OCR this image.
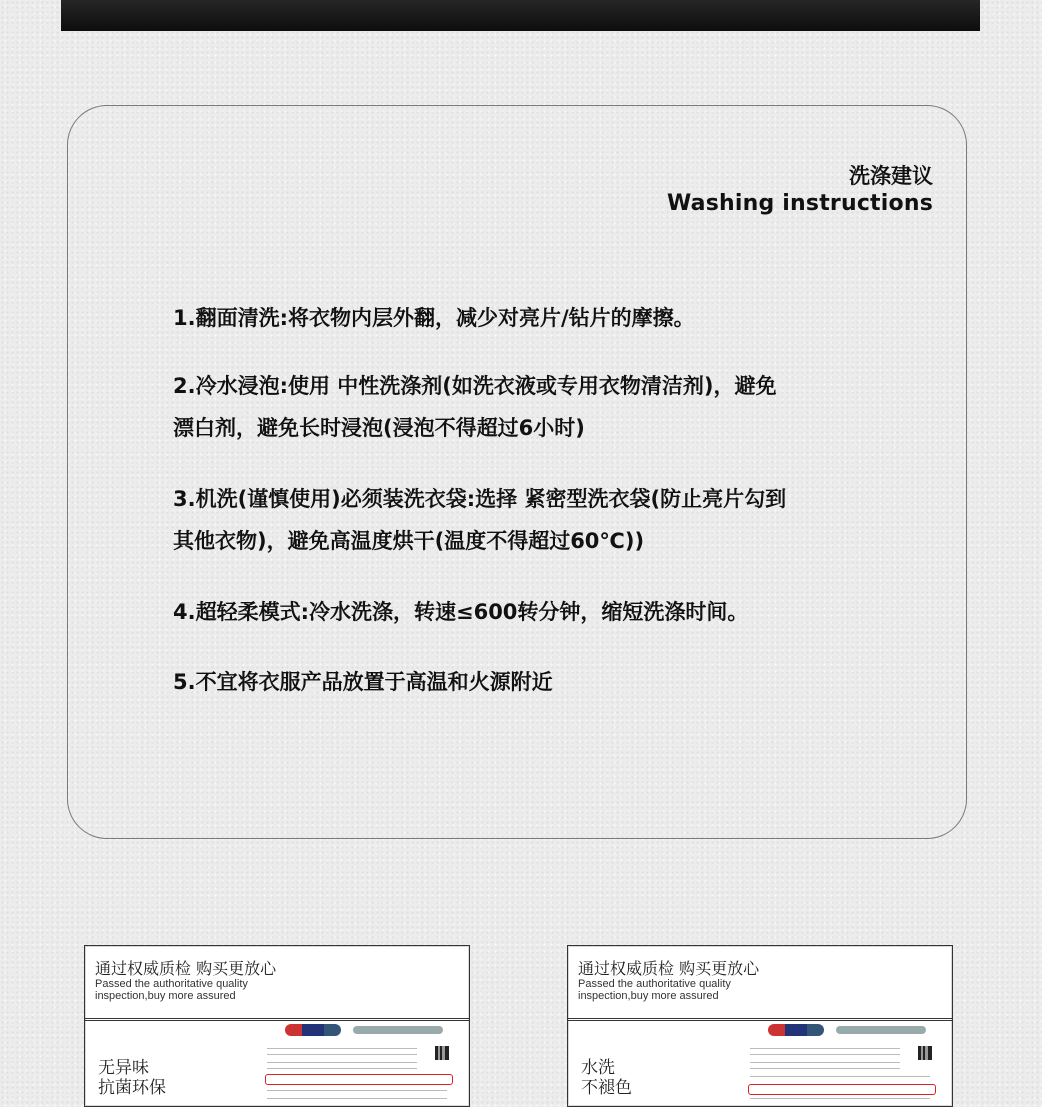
洗涤建议
Washing instructions
1.翻面清洗:将衣物内层外翻，减少对亮片/钻片的摩擦。
2.冷水浸泡:使用 中性洗涤剂(如洗衣液或专用衣物清洁剂)，避免
漂白剂，避免长时浸泡(浸泡不得超过6小时)
3.机洗(谨慎使用)必须装洗衣袋:选择 紧密型洗衣袋(防止亮片勾到
其他衣物)，避免高温度烘干(温度不得超过60℃))
4.超轻柔模式:冷水洗涤，转速≤600转分钟，缩短洗涤时间。
5.不宜将衣服产品放置于高温和火源附近
通过权威质检 购买更放心
Passed the authoritative quality inspection,buy more assured
无异味
抗菌环保
通过权威质检 购买更放心
Passed the authoritative quality inspection,buy more assured
水洗
不褪色
